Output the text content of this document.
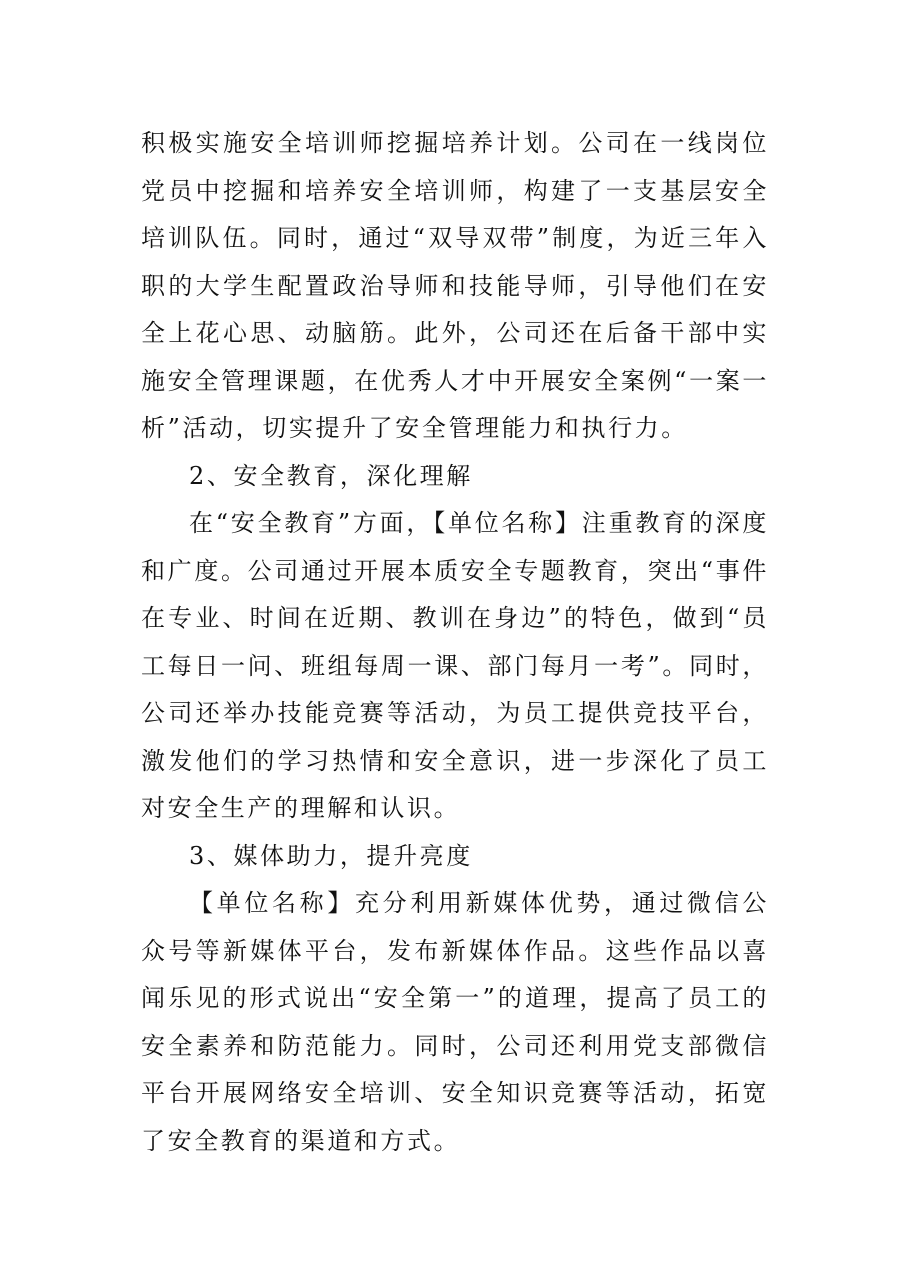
积极实施安全培训师挖掘培养计划。公司在一线岗位党员中挖掘和培养安全培训师，构建了一支基层安全培训队伍。同时，通过“双导双带”制度，为近三年入职的大学生配置政治导师和技能导师，引导他们在安全上花心思、动脑筋。此外，公司还在后备干部中实施安全管理课题，在优秀人才中开展安全案例“一案一析”活动，切实提升了安全管理能力和执行力。

2、安全教育，深化理解

在“安全教育”方面，【单位名称】注重教育的深度和广度。公司通过开展本质安全专题教育，突出“事件在专业、时间在近期、教训在身边”的特色，做到“员工每日一问、班组每周一课、部门每月一考”。同时，公司还举办技能竞赛等活动，为员工提供竞技平台，激发他们的学习热情和安全意识，进一步深化了员工对安全生产的理解和认识。

3、媒体助力，提升亮度

【单位名称】充分利用新媒体优势，通过微信公众号等新媒体平台，发布新媒体作品。这些作品以喜闻乐见的形式说出“安全第一”的道理，提高了员工的安全素养和防范能力。同时，公司还利用党支部微信平台开展网络安全培训、安全知识竞赛等活动，拓宽了安全教育的渠道和方式。
